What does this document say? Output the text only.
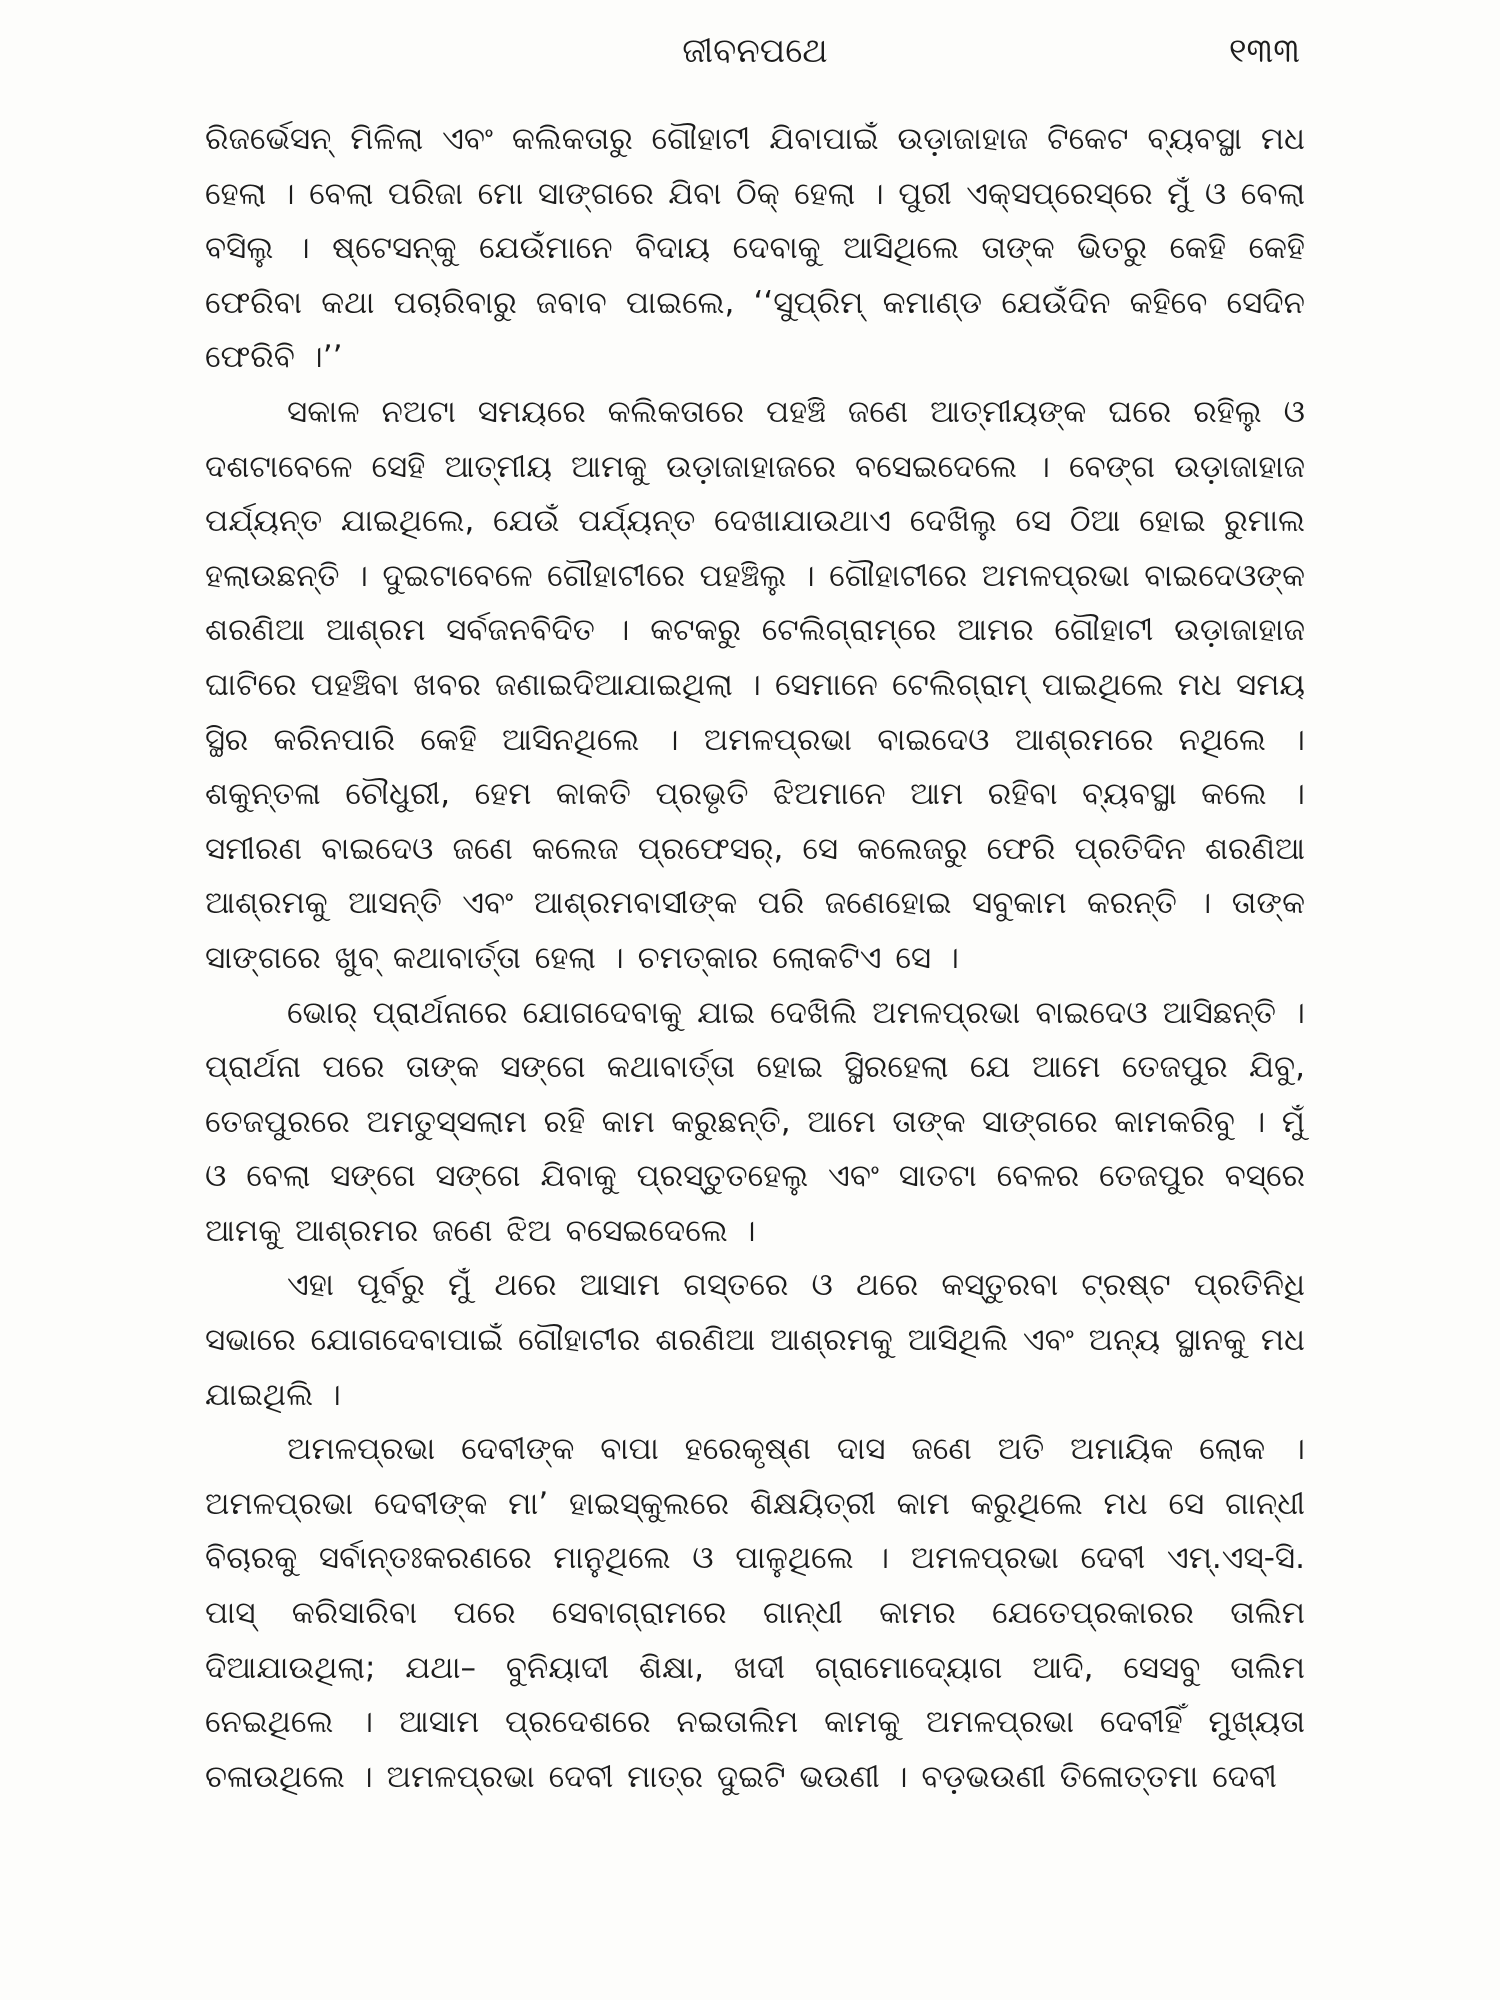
ଜୀବନପଥେ	୧୩୩

ରିଜର୍ଭେସନ୍ ମିଳିଲା ଏବଂ କଲିକତାରୁ ଗୌହାଟୀ ଯିବାପାଇଁ ଉଡ଼ାଜାହାଜ ଟିକେଟ ବ୍ୟବସ୍ଥା ମଧ ହେଲା । ବେଲା ପରିଜା ମୋ ସାଙ୍ଗରେ ଯିବା ଠିକ୍ ହେଲା । ପୁରୀ ଏକ୍ସପ୍ରେସ୍‌ରେ ମୁଁ ଓ ବେଲା ବସିଲୁ । ଷ୍ଟେସନ୍‌କୁ ଯେଉଁମାନେ ବିଦାୟ ଦେବାକୁ ଆସିଥିଲେ ତାଙ୍କ ଭିତରୁ କେହି କେହି ଫେରିବା କଥା ପଚାରିବାରୁ ଜବାବ ପାଇଲେ, ‘‘ସୁପ୍ରିମ୍ କମାଣ୍ଡ ଯେଉଁଦିନ କହିବେ ସେଦିନ ଫେରିବି ।’’

ସକାଳ ନଅଟା ସମୟରେ କଲିକତାରେ ପହଞ୍ଚି ଜଣେ ଆତ୍ମୀୟଙ୍କ ଘରେ ରହିଲୁ ଓ ଦଶଟାବେଳେ ସେହି ଆତ୍ମୀୟ ଆମକୁ ଉଡ଼ାଜାହାଜରେ ବସେଇଦେଲେ । ବେଙ୍ଗ ଉଡ଼ାଜାହାଜ ପର୍ଯ୍ୟନ୍ତ ଯାଇଥିଲେ, ଯେଉଁ ପର୍ଯ୍ୟନ୍ତ ଦେଖାଯାଉଥାଏ ଦେଖିଲୁ ସେ ଠିଆ ହୋଇ ରୁମାଲ ହଲାଉଛନ୍ତି । ଦୁଇଟାବେଳେ ଗୌହାଟୀରେ ପହଞ୍ଚିଲୁ । ଗୌହାଟୀରେ ଅମଳପ୍ରଭା ବାଇଦେଓଙ୍କ ଶରଣିଆ ଆଶ୍ରମ ସର୍ବଜନବିଦିତ । କଟକରୁ ଟେଲିଗ୍ରାମ୍‌ରେ ଆମର ଗୌହାଟୀ ଉଡ଼ାଜାହାଜ ଘାଟିରେ ପହଞ୍ଚିବା ଖବର ଜଣାଇଦିଆଯାଇଥିଲା । ସେମାନେ ଟେଲିଗ୍ରାମ୍ ପାଇଥିଲେ ମଧ ସମୟ ସ୍ଥିର କରିନପାରି କେହି ଆସିନଥିଲେ । ଅମଳପ୍ରଭା ବାଇଦେଓ ଆଶ୍ରମରେ ନଥିଲେ । ଶକୁନ୍ତଳା ଚୌଧୁରୀ, ହେମ କାକତି ପ୍ରଭୃତି ଝିଅମାନେ ଆମ ରହିବା ବ୍ୟବସ୍ଥା କଲେ । ସମୀରଣ ବାଇଦେଓ ଜଣେ କଲେଜ ପ୍ରଫେସର୍, ସେ କଲେଜରୁ ଫେରି ପ୍ରତିଦିନ ଶରଣିଆ ଆଶ୍ରମକୁ ଆସନ୍ତି ଏବଂ ଆଶ୍ରମବାସୀଙ୍କ ପରି ଜଣେହୋଇ ସବୁକାମ କରନ୍ତି । ତାଙ୍କ ସାଙ୍ଗରେ ଖୁବ୍ କଥାବାର୍ତ୍ତା ହେଲା । ଚମତ୍କାର ଲୋକଟିଏ ସେ ।

ଭୋର୍ ପ୍ରାର୍ଥନାରେ ଯୋଗଦେବାକୁ ଯାଇ ଦେଖିଲି ଅମଳପ୍ରଭା ବାଇଦେଓ ଆସିଛନ୍ତି । ପ୍ରାର୍ଥନା ପରେ ତାଙ୍କ ସଙ୍ଗେ କଥାବାର୍ତ୍ତା ହୋଇ ସ୍ଥିରହେଲା ଯେ ଆମେ ତେଜପୁର ଯିବୁ, ତେଜପୁରରେ ଅମତୁସ୍‌ସଲାମ ରହି କାମ କରୁଛନ୍ତି, ଆମେ ତାଙ୍କ ସାଙ୍ଗରେ କାମକରିବୁ । ମୁଁ ଓ ବେଲା ସଙ୍ଗେ ସଙ୍ଗେ ଯିବାକୁ ପ୍ରସ୍ତୁତହେଲୁ ଏବଂ ସାତଟା ବେଳର ତେଜପୁର ବସ୍‌ରେ ଆମକୁ ଆଶ୍ରମର ଜଣେ ଝିଅ ବସେଇଦେଲେ ।

ଏହା ପୂର୍ବରୁ ମୁଁ ଥରେ ଆସାମ ଗସ୍ତରେ ଓ ଥରେ କସ୍ତୁରବା ଟ୍ରଷ୍ଟ ପ୍ରତିନିଧି ସଭାରେ ଯୋଗଦେବାପାଇଁ ଗୌହାଟୀର ଶରଣିଆ ଆଶ୍ରମକୁ ଆସିଥିଲି ଏବଂ ଅନ୍ୟ ସ୍ଥାନକୁ ମଧ ଯାଇଥିଲି ।

ଅମଳପ୍ରଭା ଦେବୀଙ୍କ ବାପା ହରେକୃଷ୍ଣ ଦାସ ଜଣେ ଅତି ଅମାୟିକ ଲୋକ । ଅମଳପ୍ରଭା ଦେବୀଙ୍କ ମା’ ହାଇସ୍କୁଲରେ ଶିକ୍ଷୟିତ୍ରୀ କାମ କରୁଥିଲେ ମଧ ସେ ଗାନ୍ଧୀ ବିଚାରକୁ ସର୍ବାନ୍ତଃକରଣରେ ମାନୁଥିଲେ ଓ ପାଳୁଥିଲେ । ଅମଳପ୍ରଭା ଦେବୀ ଏମ୍.ଏସ୍-ସି. ପାସ୍ କରିସାରିବା ପରେ ସେବାଗ୍ରାମରେ ଗାନ୍ଧୀ କାମର ଯେତେପ୍ରକାରର ତାଲିମ ଦିଆଯାଉଥିଲା; ଯଥା– ବୁନିୟାଦୀ ଶିକ୍ଷା, ଖଦୀ ଗ୍ରାମୋଦ୍ୟୋଗ ଆଦି, ସେସବୁ ତାଲିମ ନେଇଥିଲେ । ଆସାମ ପ୍ରଦେଶରେ ନଇତାଲିମ କାମକୁ ଅମଳପ୍ରଭା ଦେବୀହିଁ ମୁଖ୍ୟତା ଚଳାଉଥିଲେ । ଅମଳପ୍ରଭା ଦେବୀ ମାତ୍ର ଦୁଇଟି ଭଉଣୀ । ବଡ଼ଭଉଣୀ ତିଳୋତ୍ତମା ଦେବୀ
